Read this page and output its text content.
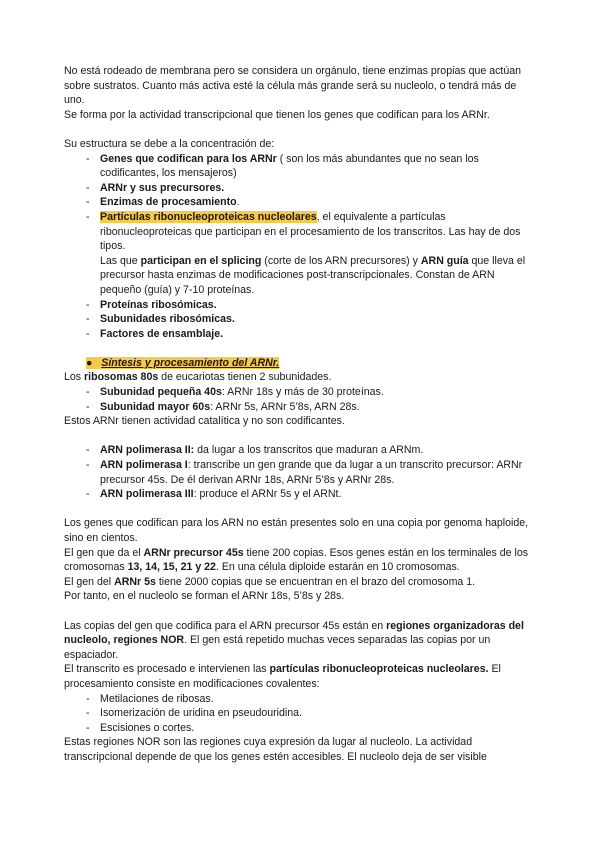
No está rodeado de membrana pero se considera un orgánulo, tiene enzimas propias que actúan sobre sustratos. Cuanto más activa esté la célula más grande será su nucleolo, o tendrá más de uno.

Se forma por la actividad transcripcional que tienen los genes que codifican para los ARNr.

Su estructura se debe a la concentración de:

- Genes que codifican para los ARNr ( son los más abundantes que no sean los codificantes, los mensajeros)
- ARNr y sus precursores.
- Enzimas de procesamiento.
- Partículas ribonucleoproteicas nucleolares, el equivalente a partículas ribonucleoproteicas que participan en el procesamiento de los transcritos. Las hay de dos tipos.
Las que participan en el splicing (corte de los ARN precursores) y ARN guía que lleva el precursor hasta enzimas de modificaciones post-transcripcionales. Constan de ARN pequeño (guía) y 7-10 proteínas.
- Proteínas ribosómicas.
- Subunidades ribosómicas.
- Factores de ensamblaje.

● Síntesis y procesamiento del ARNr.

Los ribosomas 80s de eucariotas tienen 2 subunidades.

- Subunidad pequeña 40s: ARNr 18s y más de 30 proteínas.
- Subunidad mayor 60s: ARNr 5s, ARNr 5’8s, ARN 28s.

Estos ARNr tienen actividad catalítica y no son codificantes.

- ARN polimerasa II: da lugar a los transcritos que maduran a ARNm.
- ARN polimerasa I: transcribe un gen grande que da lugar a un transcrito precursor: ARNr precursor 45s. De él derivan ARNr 18s, ARNr 5’8s y ARNr 28s.
- ARN polimerasa III: produce el ARNr 5s y el ARNt.

Los genes que codifican para los ARN no están presentes solo en una copia por genoma haploide, sino en cientos.

El gen que da el ARNr precursor 45s tiene 200 copias. Esos genes están en los terminales de los cromosomas 13, 14, 15, 21 y 22. En una célula diploide estarán en 10 cromosomas.

El gen del ARNr 5s tiene 2000 copias que se encuentran en el brazo del cromosoma 1.

Por tanto, en el nucleolo se forman el ARNr 18s, 5’8s y 28s.

Las copias del gen que codifica para el ARN precursor 45s están en regiones organizadoras del nucleolo, regiones NOR. El gen está repetido muchas veces separadas las copias por un espaciador.

El transcrito es procesado e intervienen las partículas ribonucleoproteicas nucleolares. El procesamiento consiste en modificaciones covalentes:

- Metilaciones de ribosas.
- Isomerización de uridina en pseudouridina.
- Escisiones o cortes.

Estas regiones NOR son las regiones cuya expresión da lugar al nucleolo. La actividad transcripcional depende de que los genes estén accesibles. El nucleolo deja de ser visible
